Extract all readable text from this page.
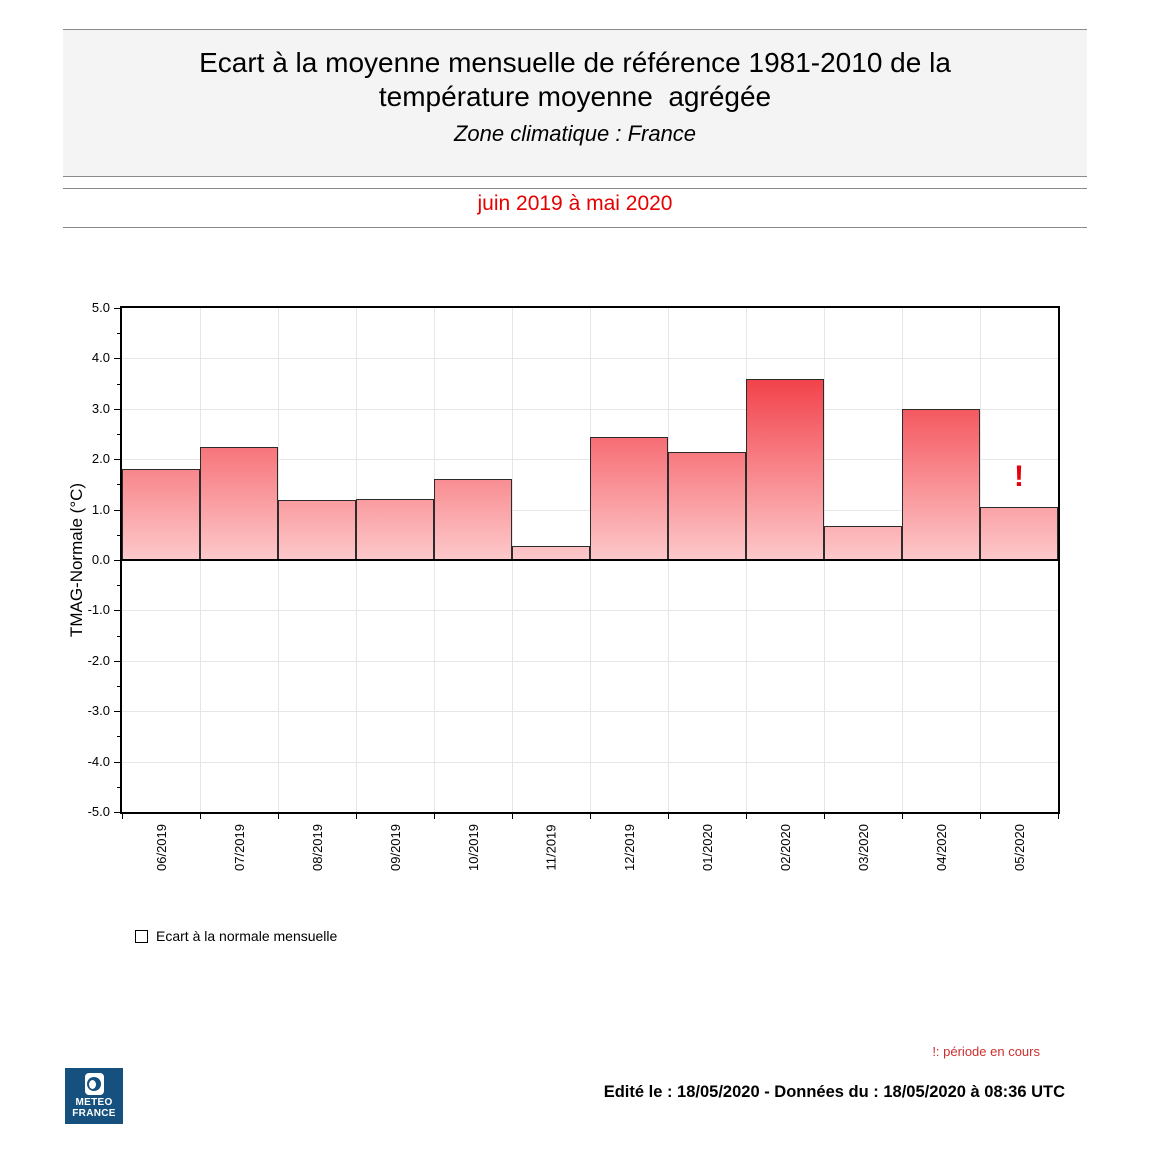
Ecart à la moyenne mensuelle de référence 1981-2010 de la
température moyenne  agrégée
Zone climatique : France
juin 2019 à mai 2020
TMAG-Normale (°C)
-5.0
-4.0
-3.0
-2.0
-1.0
0.0
1.0
2.0
3.0
4.0
5.0
06/2019	07/2019	08/2019	09/2019	10/2019	11/2019	12/2019	01/2020	02/2020	03/2020	04/2020	05/2020
!
Ecart à la normale mensuelle
!: période en cours
Edité le : 18/05/2020 - Données du : 18/05/2020 à 08:36 UTC
METEO
FRANCE
